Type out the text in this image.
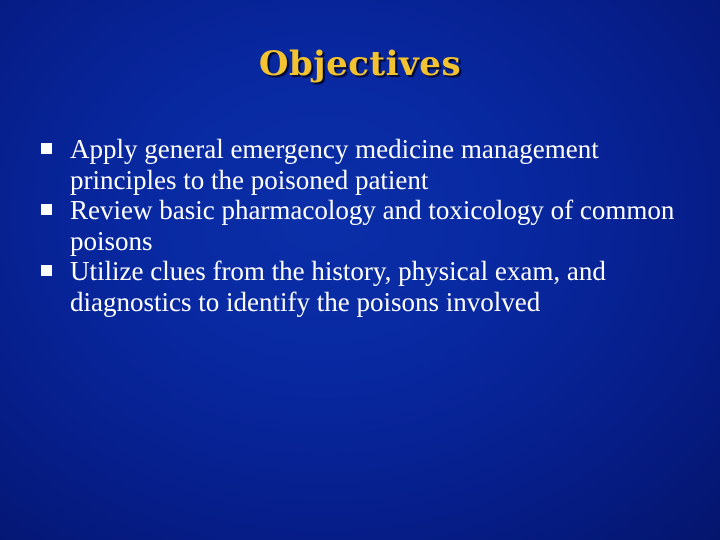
Objectives
Apply general emergency medicine management principles to the poisoned patient
Review basic pharmacology and toxicology of common poisons
Utilize clues from the history, physical exam, and diagnostics to identify the poisons involved
